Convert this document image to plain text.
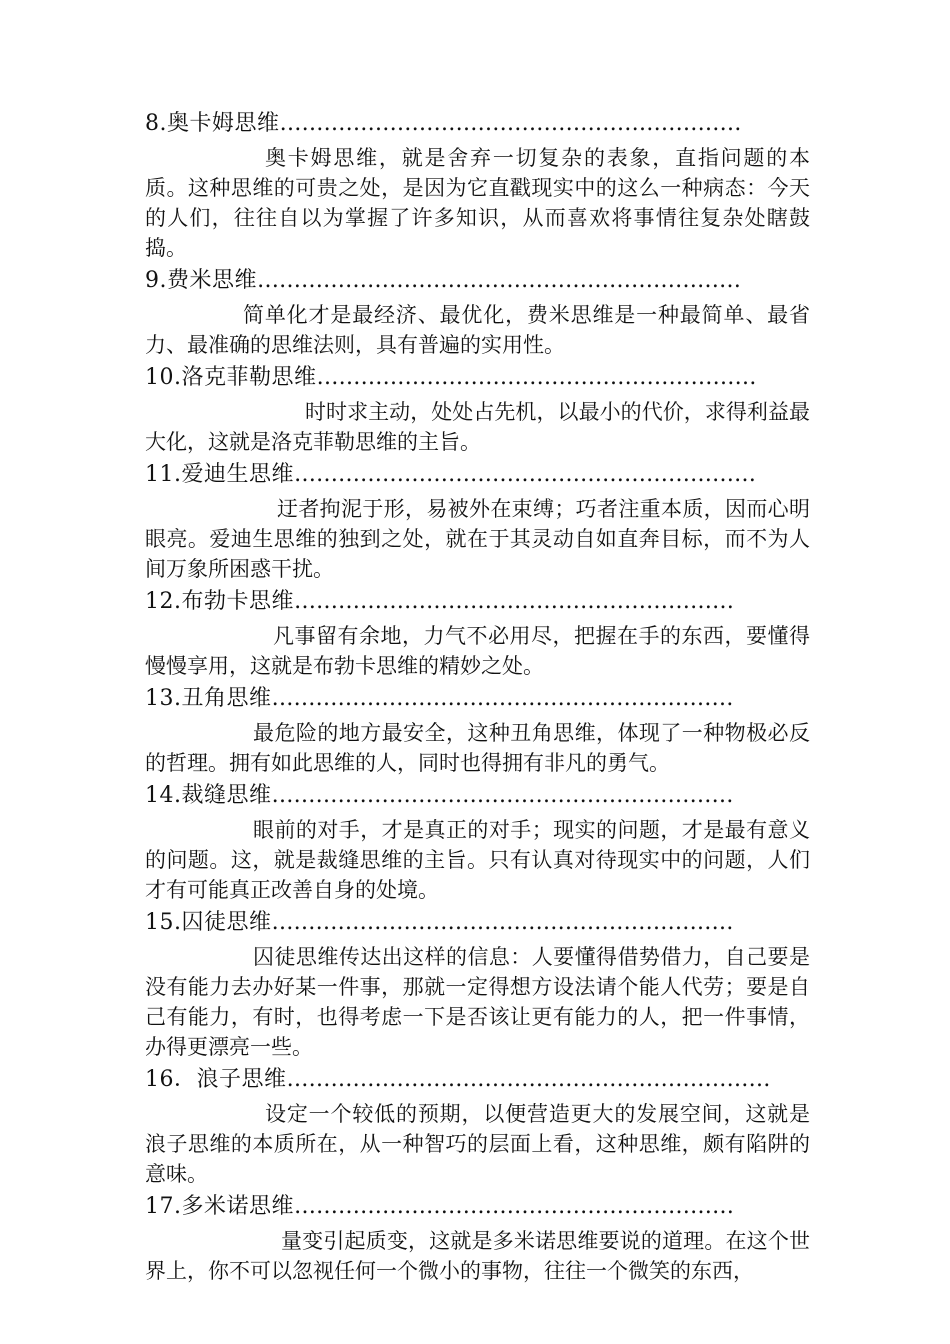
8.奥卡姆思维………………………………………………………

奥卡姆思维，就是舍弃一切复杂的表象，直指问题的本质。这种思维的可贵之处，是因为它直戳现实中的这么一种病态：今天的人们，往往自以为掌握了许多知识，从而喜欢将事情往复杂处瞎鼓捣。

9.费米思维…………………………………………………………

简单化才是最经济、最优化，费米思维是一种最简单、最省力、最准确的思维法则，具有普遍的实用性。

10.洛克菲勒思维……………………………………………………

时时求主动，处处占先机，以最小的代价，求得利益最大化，这就是洛克菲勒思维的主旨。

11.爱迪生思维………………………………………………………

迂者拘泥于形，易被外在束缚；巧者注重本质，因而心明眼亮。爱迪生思维的独到之处，就在于其灵动自如直奔目标，而不为人间万象所困惑干扰。

12.布勃卡思维……………………………………………………

凡事留有余地，力气不必用尽，把握在手的东西，要懂得慢慢享用，这就是布勃卡思维的精妙之处。

13.丑角思维………………………………………………………

最危险的地方最安全，这种丑角思维，体现了一种物极必反的哲理。拥有如此思维的人，同时也得拥有非凡的勇气。

14.裁缝思维………………………………………………………

眼前的对手，才是真正的对手；现实的问题，才是最有意义的问题。这，就是裁缝思维的主旨。只有认真对待现实中的问题，人们才有可能真正改善自身的处境。

15.囚徒思维………………………………………………………

囚徒思维传达出这样的信息：人要懂得借势借力，自己要是没有能力去办好某一件事，那就一定得想方设法请个能人代劳；要是自己有能力，有时，也得考虑一下是否该让更有能力的人，把一件事情，办得更漂亮一些。

16．浪子思维…………………………………………………………

设定一个较低的预期，以便营造更大的发展空间，这就是浪子思维的本质所在，从一种智巧的层面上看，这种思维，颇有陷阱的意味。

17.多米诺思维……………………………………………………

量变引起质变，这就是多米诺思维要说的道理。在这个世界上，你不可以忽视任何一个微小的事物，往往一个微笑的东西，
